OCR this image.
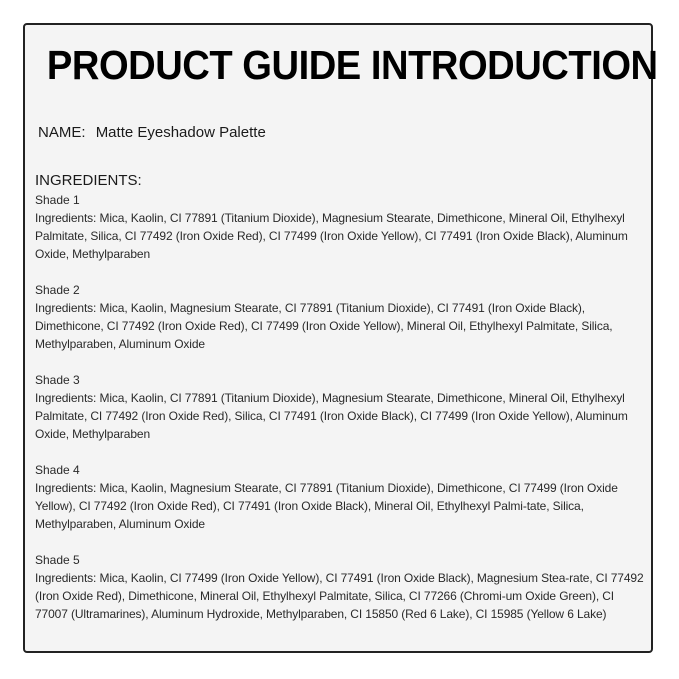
PRODUCT GUIDE INTRODUCTION
NAME: Matte Eyeshadow Palette
INGREDIENTS:
Shade 1
Ingredients: Mica, Kaolin, CI 77891 (Titanium Dioxide), Magnesium Stearate, Dimethicone, Mineral Oil, Ethylhexyl Palmitate, Silica, CI 77492 (Iron Oxide Red), CI 77499 (Iron Oxide Yellow), CI 77491 (Iron Oxide Black), Aluminum Oxide, Methylparaben
Shade 2
Ingredients: Mica, Kaolin, Magnesium Stearate, CI 77891 (Titanium Dioxide), CI 77491 (Iron Oxide Black), Dimethicone, CI 77492 (Iron Oxide Red), CI 77499 (Iron Oxide Yellow), Mineral Oil, Ethylhexyl Palmitate, Silica, Methylparaben, Aluminum Oxide
Shade 3
Ingredients: Mica, Kaolin, CI 77891 (Titanium Dioxide), Magnesium Stearate, Dimethicone, Mineral Oil, Ethylhexyl Palmitate, CI 77492 (Iron Oxide Red), Silica, CI 77491 (Iron Oxide Black), CI 77499 (Iron Oxide Yellow), Aluminum Oxide, Methylparaben
Shade 4
Ingredients: Mica, Kaolin, Magnesium Stearate, CI 77891 (Titanium Dioxide), Dimethicone, CI 77499 (Iron Oxide Yellow), CI 77492 (Iron Oxide Red), CI 77491 (Iron Oxide Black), Mineral Oil, Ethylhexyl Palmi-tate, Silica, Methylparaben, Aluminum Oxide
Shade 5
Ingredients: Mica, Kaolin, CI 77499 (Iron Oxide Yellow), CI 77491 (Iron Oxide Black), Magnesium Stea-rate, CI 77492 (Iron Oxide Red), Dimethicone, Mineral Oil, Ethylhexyl Palmitate, Silica, CI 77266 (Chromi-um Oxide Green), CI 77007 (Ultramarines), Aluminum Hydroxide, Methylparaben, CI 15850 (Red 6 Lake), CI 15985 (Yellow 6 Lake)
